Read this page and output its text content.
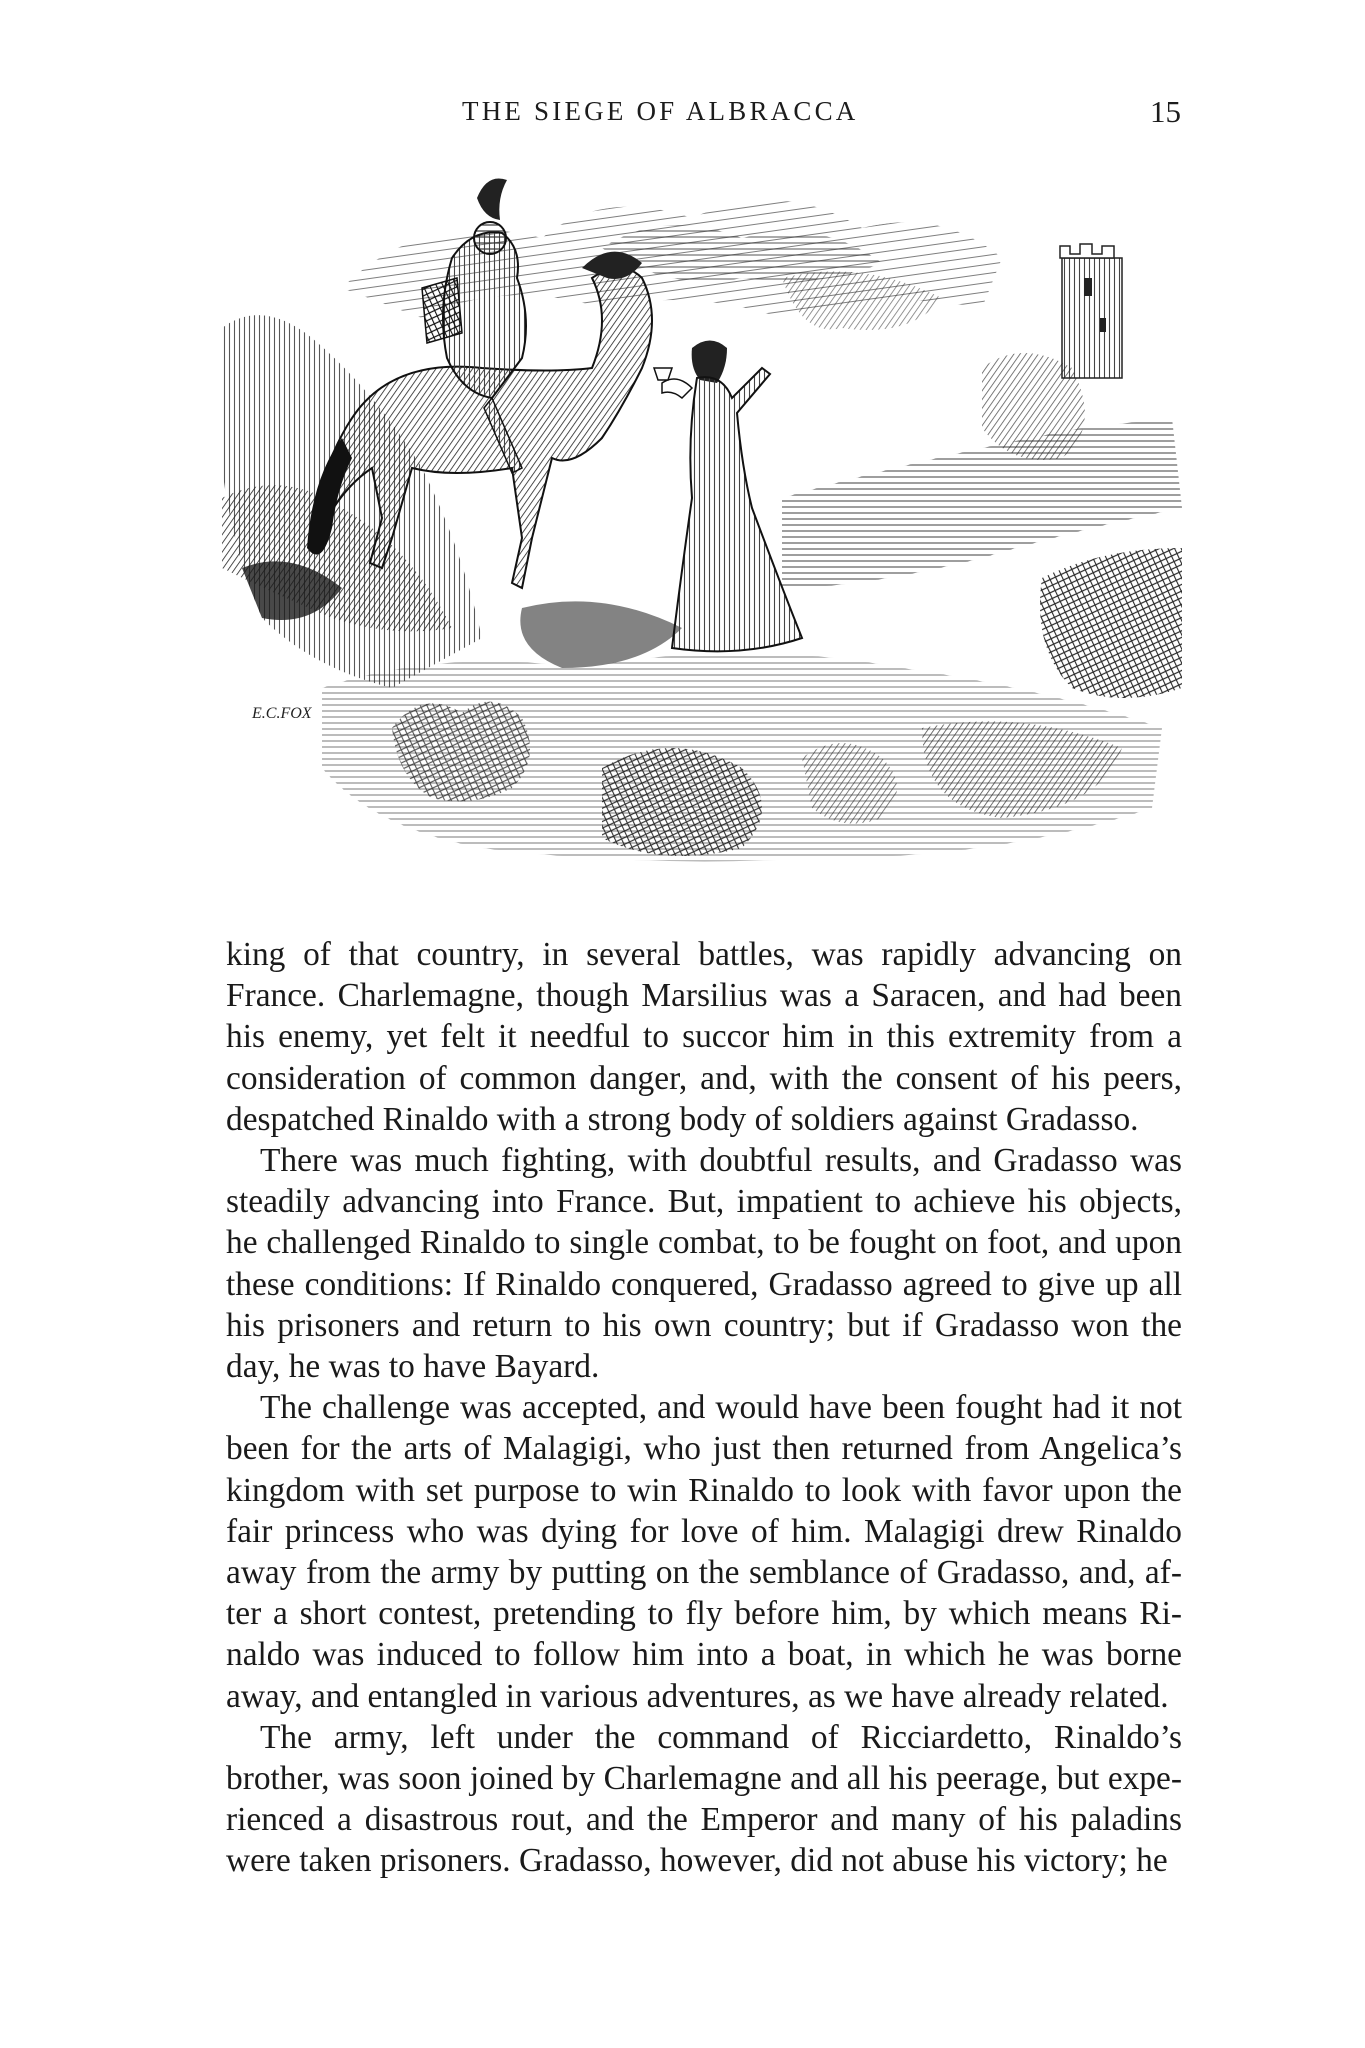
THE SIEGE OF ALBRACCA	15
E.C.FOX

king of that country, in several battles, was rapidly advancing on France. Charlemagne, though Marsilius was a Saracen, and had been his enemy, yet felt it needful to succor him in this extremity from a consideration of common danger, and, with the consent of his peers, despatched Rinaldo with a strong body of soldiers against Gradasso.

There was much fighting, with doubtful results, and Gradasso was steadily advancing into France. But, impatient to achieve his objects, he challenged Rinaldo to single combat, to be fought on foot, and upon these conditions: If Rinaldo conquered, Gradasso agreed to give up all his prisoners and return to his own country; but if Gradasso won the day, he was to have Bayard.

The challenge was accepted, and would have been fought had it not been for the arts of Malagigi, who just then returned from Angelica’s kingdom with set purpose to win Rinaldo to look with favor upon the fair princess who was dying for love of him. Malagigi drew Rinaldo away from the army by putting on the semblance of Gradasso, and, after a short contest, pretending to fly before him, by which means Rinaldo was induced to follow him into a boat, in which he was borne away, and entangled in various adventures, as we have already related.

The army, left under the command of Ricciardetto, Rinaldo’s brother, was soon joined by Charlemagne and all his peerage, but experienced a disastrous rout, and the Emperor and many of his paladins were taken prisoners. Gradasso, however, did not abuse his victory; he
